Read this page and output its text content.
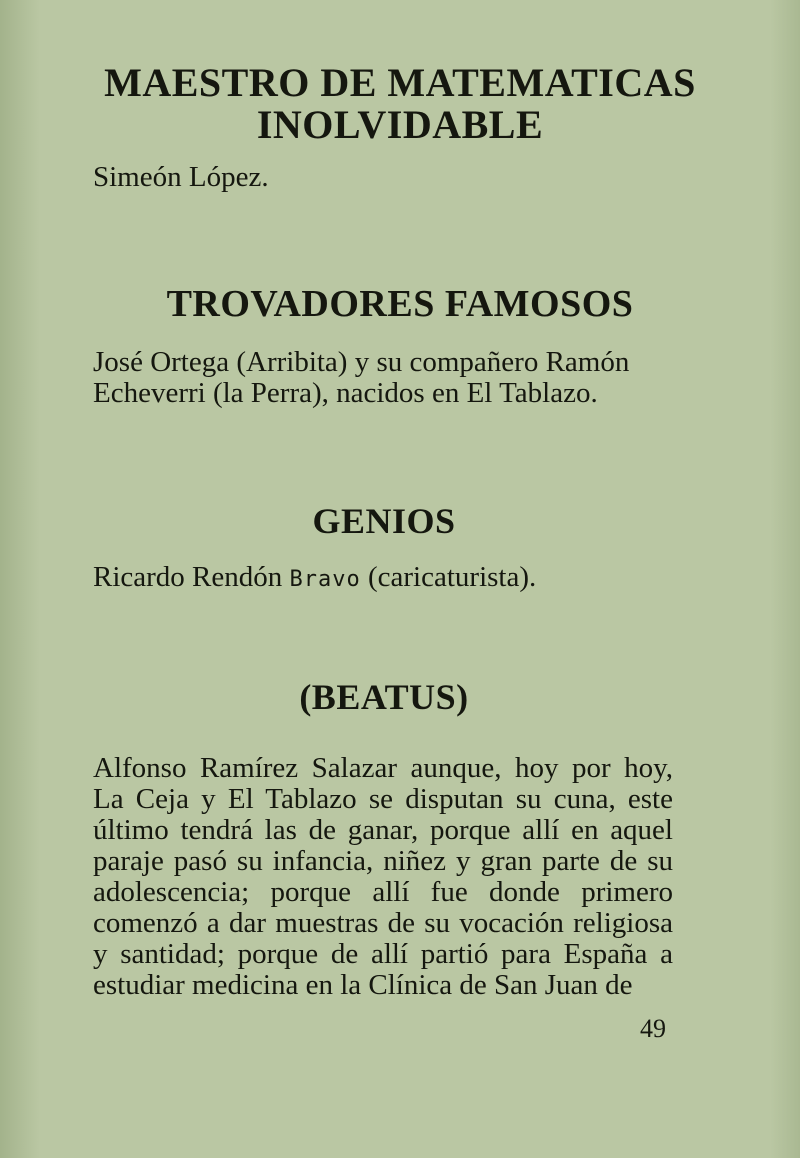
MAESTRO DE MATEMATICAS
INOLVIDABLE

Simeón López.

TROVADORES FAMOSOS

José Ortega (Arribita) y su compañero Ramón Echeverri (la Perra), nacidos en El Tablazo.

GENIOS

Ricardo Rendón Bravo (caricaturista).

(BEATUS)

Alfonso Ramírez Salazar aunque, hoy por hoy, La Ceja y El Tablazo se disputan su cuna, este último tendrá las de ganar, porque allí en aquel paraje pasó su infancia, niñez y gran parte de su adolescencia; porque allí fue donde primero comenzó a dar muestras de su vocación religiosa y santidad; porque de allí partió para España a estudiar medicina en la Clínica de San Juan de

49
